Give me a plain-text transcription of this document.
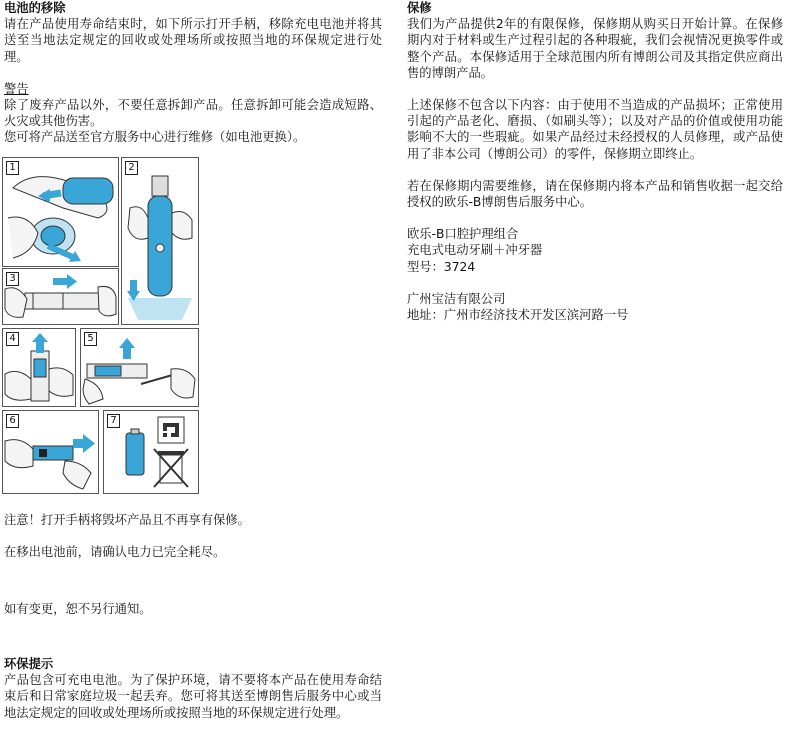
电池的移除

请在产品使用寿命结束时，如下所示打开手柄，移除充电电池并将其送至当地法定规定的回收或处理场所或按照当地的环保规定进行处理。

警告

除了废弃产品以外，不要任意拆卸产品。任意拆卸可能会造成短路、火灾或其他伤害。

您可将产品送至官方服务中心进行维修（如电池更换）。

1	2
3
4	5
6	7

注意！打开手柄将毁坏产品且不再享有保修。

在移出电池前，请确认电力已完全耗尽。

如有变更，恕不另行通知。

环保提示

产品包含可充电电池。为了保护环境，请不要将本产品在使用寿命结束后和日常家庭垃圾一起丢弃。您可将其送至博朗售后服务中心或当地法定规定的回收或处理场所或按照当地的环保规定进行处理。

保修

我们为产品提供2年的有限保修，保修期从购买日开始计算。在保修期内对于材料或生产过程引起的各种瑕疵，我们会视情况更换零件或整个产品。本保修适用于全球范围内所有博朗公司及其指定供应商出售的博朗产品。

上述保修不包含以下内容：由于使用不当造成的产品损坏；正常使用引起的产品老化、磨损、（如刷头等）；以及对产品的价值或使用功能影响不大的一些瑕疵。如果产品经过未经授权的人员修理，或产品使用了非本公司（博朗公司）的零件，保修期立即终止。

若在保修期内需要维修，请在保修期内将本产品和销售收据一起交给授权的欧乐-B博朗售后服务中心。

欧乐-B口腔护理组合

充电式电动牙刷＋冲牙器

型号：3724

广州宝洁有限公司

地址：广州市经济技术开发区滨河路一号
